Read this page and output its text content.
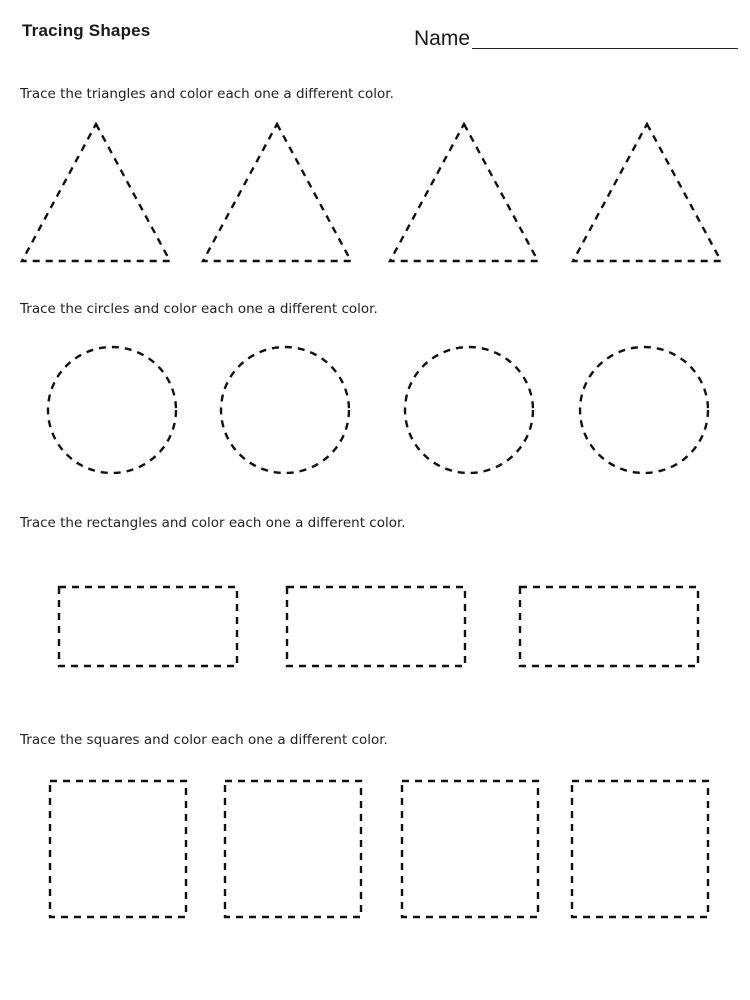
Tracing Shapes	Name
Trace the triangles and color each one a different color.
Trace the circles and color each one a different color.
Trace the rectangles and color each one a different color.
Trace the squares and color each one a different color.
